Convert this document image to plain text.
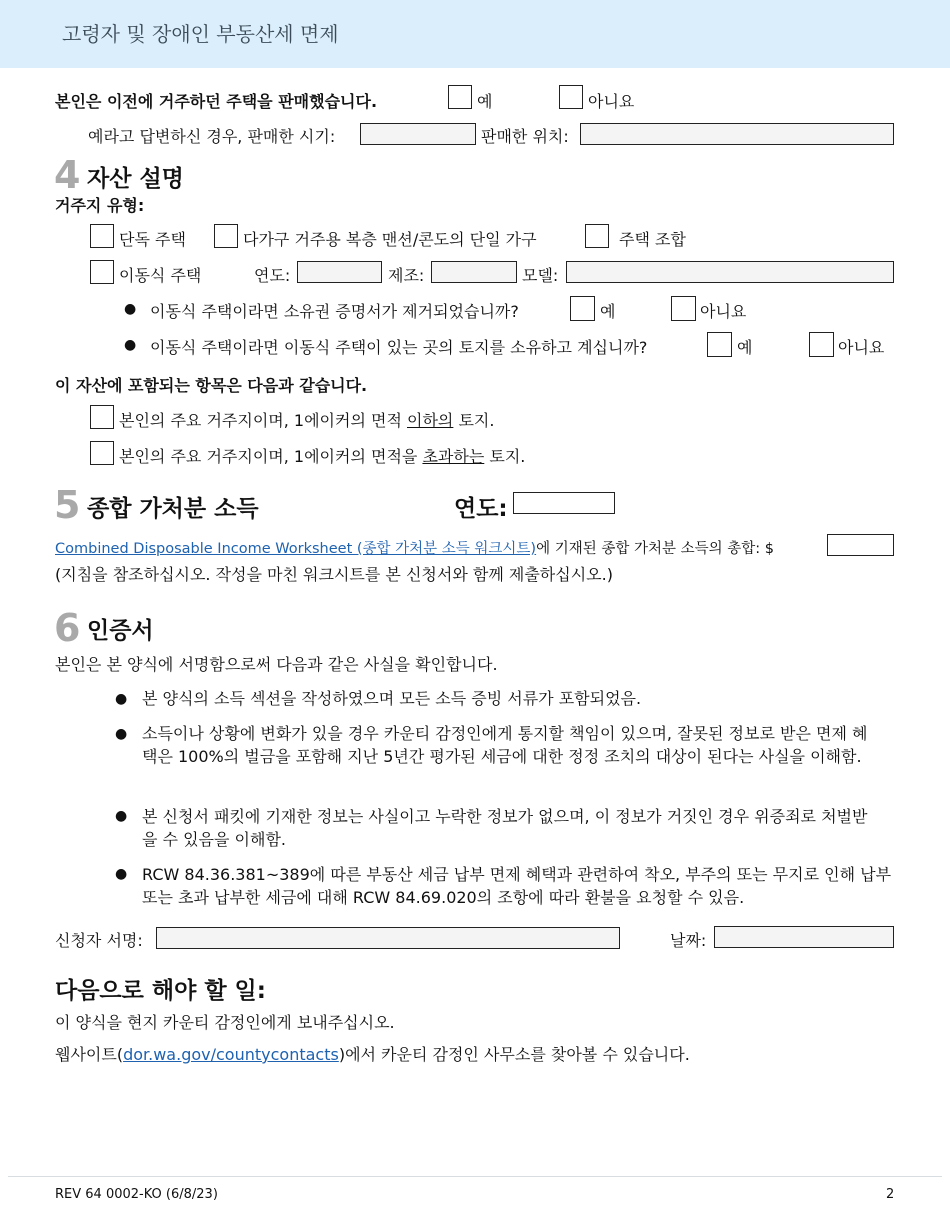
고령자 및 장애인 부동산세 면제
본인은 이전에 거주하던 주택을 판매했습니다.	예	아니요
예라고 답변하신 경우, 판매한 시기:	판매한 위치:
4 자산 설명
거주지 유형:
단독 주택	다가구 거주용 복층 맨션/콘도의 단일 가구	주택 조합
이동식 주택	연도:	제조:	모델:
● 이동식 주택이라면 소유권 증명서가 제거되었습니까?	예	아니요
● 이동식 주택이라면 이동식 주택이 있는 곳의 토지를 소유하고 계십니까?	예	아니요
이 자산에 포함되는 항목은 다음과 같습니다.
본인의 주요 거주지이며, 1에이커의 면적 이하의 토지.
본인의 주요 거주지이며, 1에이커의 면적을 초과하는 토지.
5 종합 가처분 소득	연도:
Combined Disposable Income Worksheet (종합 가처분 소득 워크시트)에 기재된 종합 가처분 소득의 총합: $
(지침을 참조하십시오. 작성을 마친 워크시트를 본 신청서와 함께 제출하십시오.)
6 인증서
본인은 본 양식에 서명함으로써 다음과 같은 사실을 확인합니다.
● 본 양식의 소득 섹션을 작성하였으며 모든 소득 증빙 서류가 포함되었음.
● 소득이나 상황에 변화가 있을 경우 카운티 감정인에게 통지할 책임이 있으며, 잘못된 정보로 받은 면제 혜택은 100%의 벌금을 포함해 지난 5년간 평가된 세금에 대한 정정 조치의 대상이 된다는 사실을 이해함.
● 본 신청서 패킷에 기재한 정보는 사실이고 누락한 정보가 없으며, 이 정보가 거짓인 경우 위증죄로 처벌받을 수 있음을 이해함.
● RCW 84.36.381~389에 따른 부동산 세금 납부 면제 혜택과 관련하여 착오, 부주의 또는 무지로 인해 납부 또는 초과 납부한 세금에 대해 RCW 84.69.020의 조항에 따라 환불을 요청할 수 있음.
신청자 서명:	날짜:
다음으로 해야 할 일:
이 양식을 현지 카운티 감정인에게 보내주십시오.
웹사이트(dor.wa.gov/countycontacts)에서 카운티 감정인 사무소를 찾아볼 수 있습니다.
REV 64 0002-KO (6/8/23)	2
